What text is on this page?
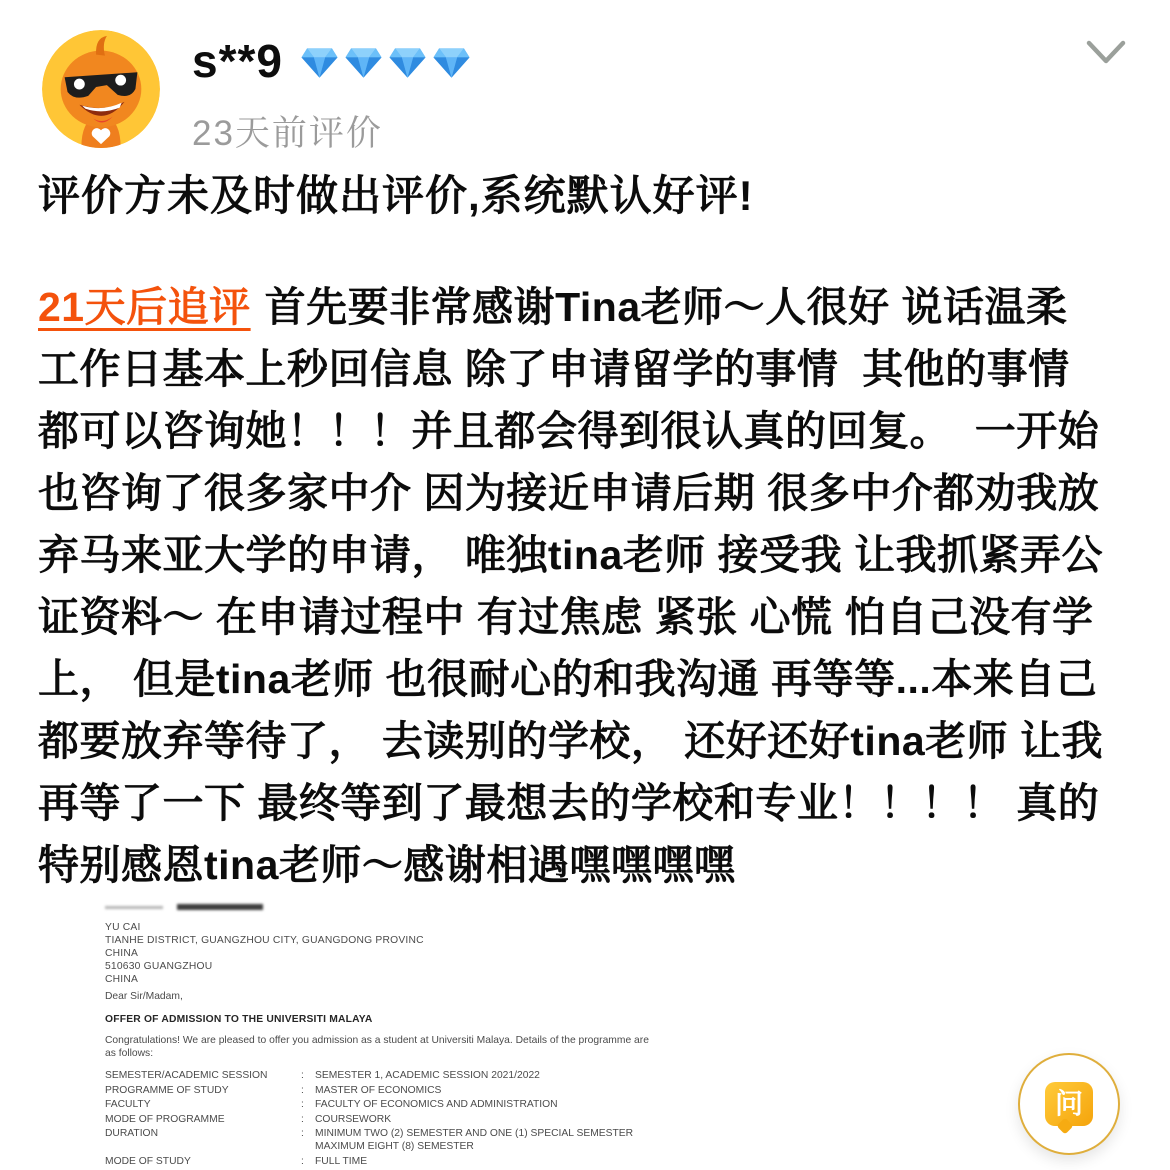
s**9
23天前评价

评价方未及时做出评价,系统默认好评!

21天后追评 首先要非常感谢Tina老师～人很好 说话温柔
工作日基本上秒回信息 除了申请留学的事情  其他的事情
都可以咨询她！！！并且都会得到很认真的回复。  一开始
也咨询了很多家中介 因为接近申请后期 很多中介都劝我放
弃马来亚大学的申请， 唯独tina老师 接受我 让我抓紧弄公
证资料～ 在申请过程中 有过焦虑 紧张 心慌 怕自己没有学
上， 但是tina老师 也很耐心的和我沟通 再等等...本来自己
都要放弃等待了， 去读别的学校， 还好还好tina老师 让我
再等了一下 最终等到了最想去的学校和专业！！！！ 真的
特别感恩tina老师～感谢相遇嘿嘿嘿嘿

YU CAI
TIANHE DISTRICT, GUANGZHOU CITY, GUANGDONG PROVINC
CHINA
510630 GUANGZHOU
CHINA
Dear Sir/Madam,
OFFER OF ADMISSION TO THE UNIVERSITI MALAYA
Congratulations! We are pleased to offer you admission as a student at Universiti Malaya. Details of the programme are
as follows:
SEMESTER/ACADEMIC SESSION :	SEMESTER 1, ACADEMIC SESSION 2021/2022
PROGRAMME OF STUDY :	MASTER OF ECONOMICS
FACULTY :	FACULTY OF ECONOMICS AND ADMINISTRATION
MODE OF PROGRAMME :	COURSEWORK
DURATION :	MINIMUM TWO (2) SEMESTER AND ONE (1) SPECIAL SEMESTER
MAXIMUM EIGHT (8) SEMESTER
MODE OF STUDY :	FULL TIME
问
